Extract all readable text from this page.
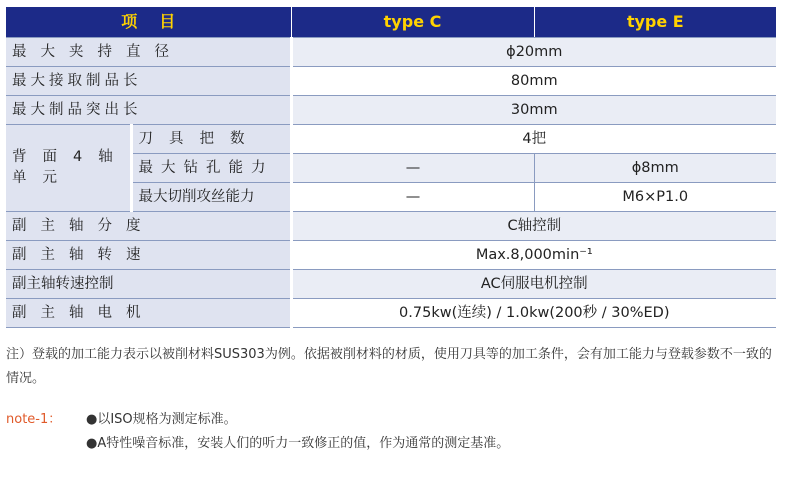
项目		type C	type E
最大夹持直径		ϕ20mm	
最大接取制品长		80mm	
最大制品突出长		30mm	
背面4轴单元	刀具把数	4把	
	最大钻孔能力	—	ϕ8mm
	最大切削攻丝能力	—	M6×P1.0
副主轴分度		C轴控制	
副主轴转速		Max.8,000min⁻¹	
副主轴转速控制		AC伺服电机控制	
副主轴电机		0.75kw(连续) / 1.0kw(200秒 / 30%ED)	
注）登载的加工能力表示以被削材料SUS303为例。依据被削材料的材质，使用刀具等的加工条件，会有加工能力与登载参数不一致的情况。
note-1： ●以ISO规格为测定标准。
●A特性噪音标准，安装人们的听力一致修正的值，作为通常的测定基准。
